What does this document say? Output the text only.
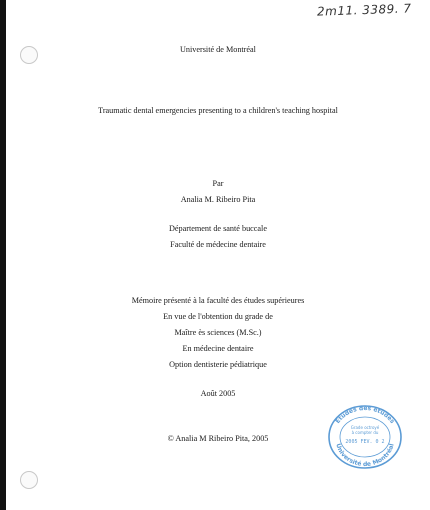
2m11. 3389. 7
Université de Montréal
Traumatic dental emergencies presenting to a children's teaching hospital
Par
Analia M. Ribeiro Pita
Département de santé buccale
Faculté de médecine dentaire
Mémoire présenté à la faculté des études supérieures
En vue de l'obtention du grade de
Maître ès sciences (M.Sc.)
En médecine dentaire
Option dentisterie pédiatrique
Août 2005
© Analia M Ribeiro Pita, 2005
Études des études
Université de Montréal
Grade octroyé
à compter du
2005 FEV. 0 2
